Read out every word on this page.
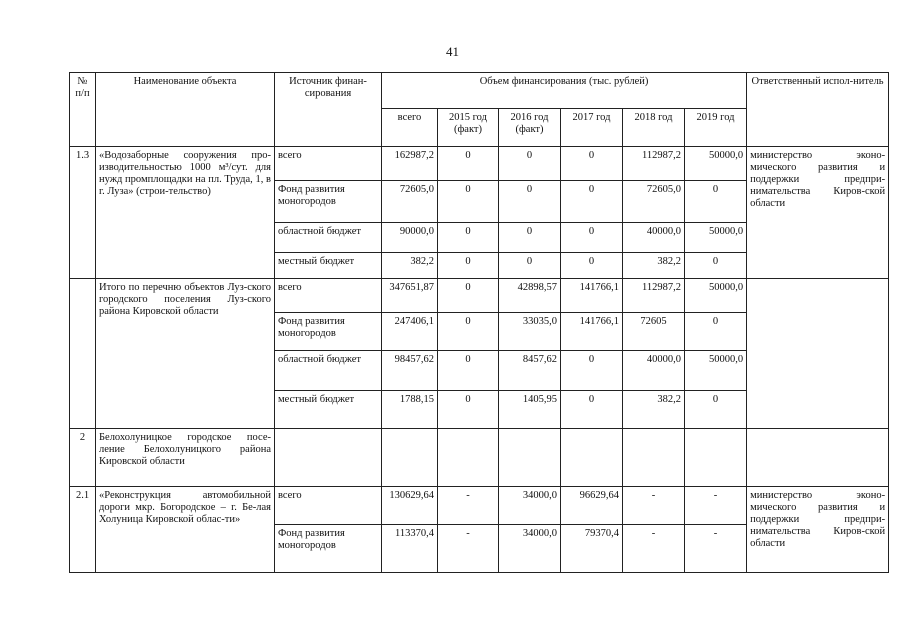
41
№ п/п	Наименование объекта	Источник финан-сирования	Объем финансирования (тыс. рублей)						Ответственный испол-нитель
			всего	2015 год (факт)	2016 год (факт)	2017 год	2018 год	2019 год	
1.3	«Водозаборные сооружения про-изводительностью 1000 м³/сут. для нужд промплощадки на пл. Труда, 1, в г. Луза» (строи-тельство)	всего	162987,2	0	0	0	112987,2	50000,0	министерство эконо-мического развития и поддержки предпри-нимательства Киров-ской области
		Фонд развития моногородов	72605,0	0	0	0	72605,0	0	
		областной бюджет	90000,0	0	0	0	40000,0	50000,0	
		местный бюджет	382,2	0	0	0	382,2	0	
	Итого по перечню объектов Луз-ского городского поселения Луз-ского района Кировской области	всего	347651,87	0	42898,57	141766,1	112987,2	50000,0	
		Фонд развития моногородов	247406,1	0	33035,0	141766,1	72605	0	
		областной бюджет	98457,62	0	8457,62	0	40000,0	50000,0	
		местный бюджет	1788,15	0	1405,95	0	382,2	0	
2	Белохолуницкое городское посе-ление Белохолуницкого района Кировской области								
2.1	«Реконструкция автомобильной дороги мкр. Богородское – г. Бе-лая Холуница Кировской облас-ти»	всего	130629,64	-	34000,0	96629,64	-	-	министерство эконо-мического развития и поддержки предпри-нимательства Киров-ской области
		Фонд развития моногородов	113370,4	-	34000,0	79370,4	-	-	
